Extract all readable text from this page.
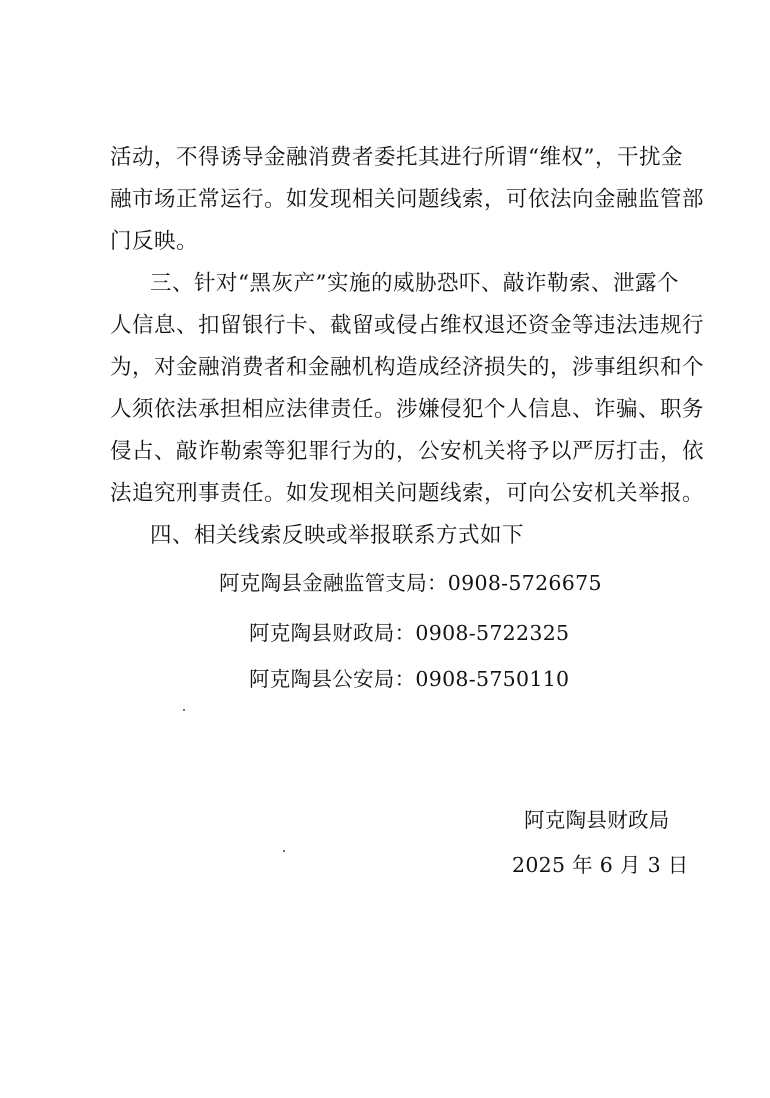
活动，不得诱导金融消费者委托其进行所谓“维权”，干扰金
融市场正常运行。如发现相关问题线索，可依法向金融监管部
门反映。
三、针对“黑灰产”实施的威胁恐吓、敲诈勒索、泄露个
人信息、扣留银行卡、截留或侵占维权退还资金等违法违规行
为，对金融消费者和金融机构造成经济损失的，涉事组织和个
人须依法承担相应法律责任。涉嫌侵犯个人信息、诈骗、职务
侵占、敲诈勒索等犯罪行为的，公安机关将予以严厉打击，依
法追究刑事责任。如发现相关问题线索，可向公安机关举报。
四、相关线索反映或举报联系方式如下
阿克陶县金融监管支局：0908-5726675
阿克陶县财政局：0908-5722325
阿克陶县公安局：0908-5750110
阿克陶县财政局
2025 年 6 月 3 日
